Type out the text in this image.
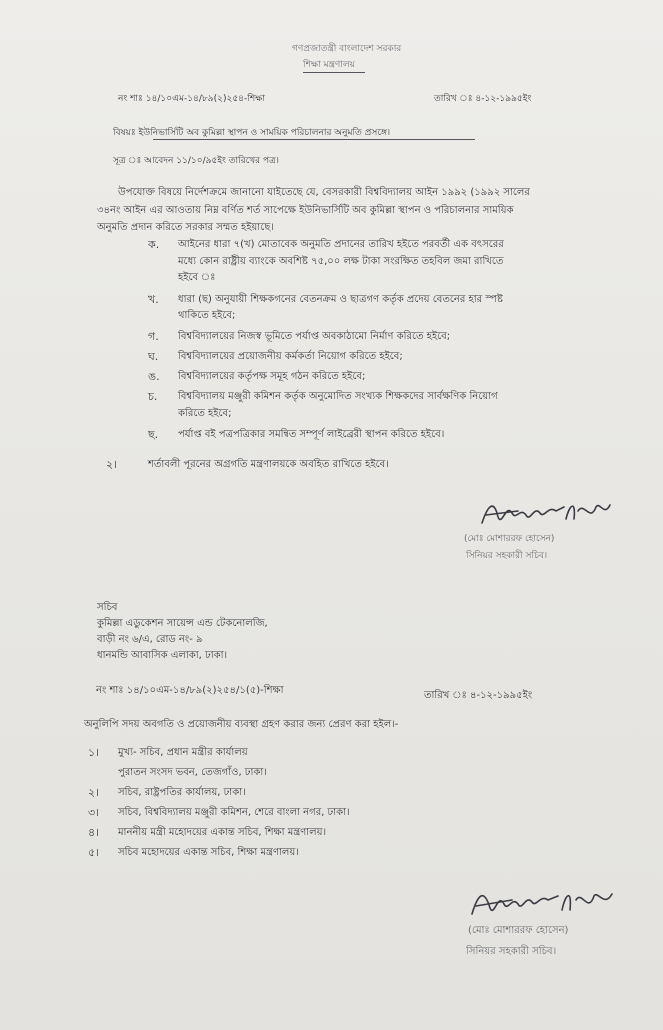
গণপ্রজাতন্ত্রী বাংলাদেশ সরকার
শিক্ষা মন্ত্রণালয়
নং শাঃ ১৪/১০এম-১৪/৮৯(২)২৫৪-শিক্ষা	তারিখ ঃ ৪-১২-১৯৯৫ইং
বিষয়ঃ ইউনিভার্সিটি অব কুমিল্লা স্থাপন ও সাময়িক পরিচালনার অনুমতি প্রসঙ্গে।
সূত্র ঃ আবেদন ১১/১০/৯৫ইং তারিখের পত্র।
উপযোক্ত বিষয়ে নির্দেশক্রমে জানানো যাইতেছে যে, বেসরকারী বিশ্ববিদ্যালয় আইন ১৯৯২ (১৯৯২ সালের
৩৪নং আইন এর আওতায় নিম্ন বর্ণিত শর্ত সাপেক্ষে ইউনিভার্সিটি অব কুমিল্লা স্থাপন ও পরিচালনার সাময়িক
অনুমতি প্রদান করিতে সরকার সম্মত হইয়াছে।
ক. আইনের ধারা ৭(খ) মোতাবেক অনুমতি প্রদানের তারিখ হইতে পরবর্তী এক বৎসরের
মধ্যে কোন রাষ্ট্রীয় ব্যাংকে অবশিষ্ট ৭৫,০০ লক্ষ টাকা সংরক্ষিত তহবিল জমা রাখিতে
হইবে ঃ
খ. ধারা (ছ) অনুযায়ী শিক্ষকগনের বেতনক্রম ও ছাত্রগণ কর্তৃক প্রদেয় বেতনের হার স্পষ্ট
থাকিতে হইবে;
গ. বিশ্ববিদ্যালয়ের নিজস্ব ভূমিতে পর্যাপ্ত অবকাঠামো নির্মাণ করিতে হইবে;
ঘ. বিশ্ববিদ্যালয়ের প্রয়োজনীয় কর্মকর্তা নিয়োগ করিতে হইবে;
ঙ. বিশ্ববিদ্যালয়ের কর্তৃপক্ষ সমূহ গঠন করিতে হইবে;
চ. বিশ্ববিদ্যালয় মঞ্জুরী কমিশন কর্তৃক অনুমোদিত সংখ্যক শিক্ষকদের সার্বক্ষণিক নিয়োগ
করিতে হইবে;
ছ. পর্যাপ্ত বই পত্রপত্রিকার সমন্বিত সম্পূর্ণ লাইব্রেরী স্থাপন করিতে হইবে।
২।	শর্তাবলী পূরনের অগ্রগতি মন্ত্রণালয়কে অবহিত রাখিতে হইবে।
(মোঃ মোশাররফ হোসেন)
সিনিয়র সহকারী সচিব।
সচিব
কুমিল্লা এডুকেশন সায়েন্স এন্ড টেকনোলজি,
বাড়ী নং ৬/এ, রোড নং- ৯
ধানমন্ডি আবাসিক এলাকা, ঢাকা।
নং শাঃ ১৪/১০এম-১৪/৮৯(২)২৫৪/১(৫)-শিক্ষা	তারিখ ঃ ৪-১২-১৯৯৫ইং
অনুলিপি সদয় অবগতি ও প্রয়োজনীয় ব্যবস্থা গ্রহণ করার জন্য প্রেরণ করা হইল।-
১। মুখ্য- সচিব, প্রধান মন্ত্রীর কার্যালয়
পুরাতন সংসদ ভবন, তেজগাঁও, ঢাকা।
২। সচিব, রাষ্ট্রপতির কার্যালয়, ঢাকা।
৩। সচিব, বিশ্ববিদ্যালয় মঞ্জুরী কমিশন, শেরে বাংলা নগর, ঢাকা।
৪। মাননীয় মন্ত্রী মহোদয়ের একান্ত সচিব, শিক্ষা মন্ত্রণালয়।
৫। সচিব মহোদয়ের একান্ত সচিব, শিক্ষা মন্ত্রণালয়।
(মোঃ মোশাররফ হোসেন)
সিনিয়র সহকারী সচিব।
